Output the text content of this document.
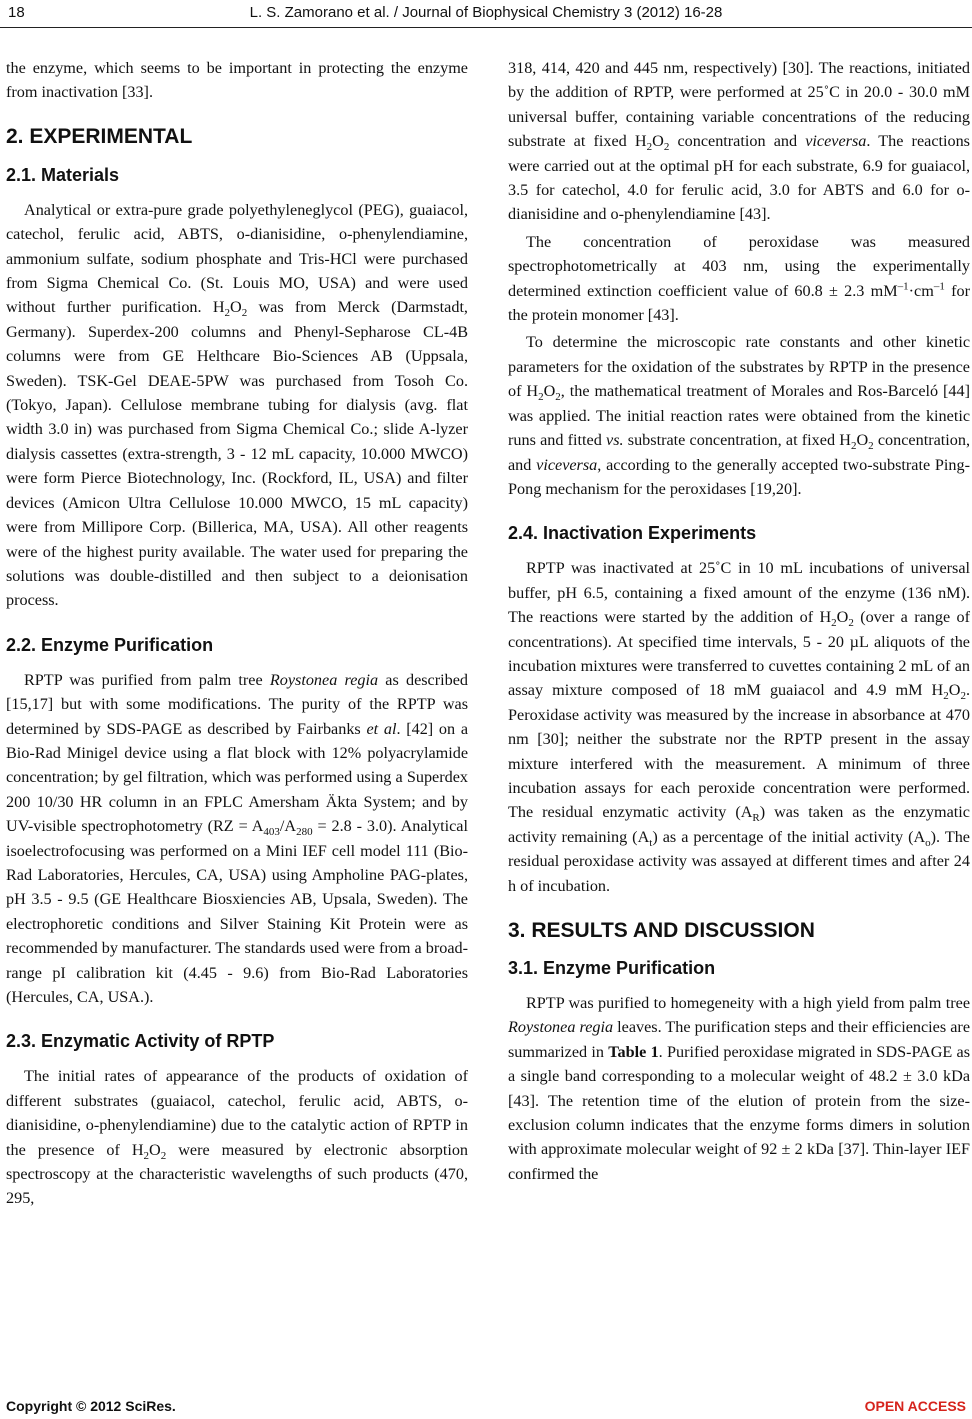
18	L. S. Zamorano et al. / Journal of Biophysical Chemistry 3 (2012) 16-28

the enzyme, which seems to be important in protecting the enzyme from inactivation [33].

2. EXPERIMENTAL
2.1. Materials

Analytical or extra-pure grade polyethyleneglycol (PEG), guaiacol, catechol, ferulic acid, ABTS, o-dianisidine, o-phenylendiamine, ammonium sulfate, sodium phosphate and Tris-HCl were purchased from Sigma Chemical Co. (St. Louis MO, USA) and were used without further purification. $H_2O_2$ was from Merck (Darmstadt, Germany). Superdex-200 columns and Phenyl-Sepharose CL-4B columns were from GE Helthcare Bio-Sciences AB (Uppsala, Sweden). TSK-Gel DEAE-5PW was purchased from Tosoh Co. (Tokyo, Japan). Cellulose membrane tubing for dialysis (avg. flat width 3.0 in) was purchased from Sigma Chemical Co.; slide A-lyzer dialysis cassettes (extra-strength, 3 - 12 mL capacity, 10.000 MWCO) were form Pierce Biotechnology, Inc. (Rockford, IL, USA) and filter devices (Amicon Ultra Cellulose 10.000 MWCO, 15 mL capacity) were from Millipore Corp. (Billerica, MA, USA). All other reagents were of the highest purity available. The water used for preparing the solutions was double-distilled and then subject to a deionisation process.

2.2. Enzyme Purification

RPTP was purified from palm tree Roystonea regia as described [15,17] but with some modifications. The purity of the RPTP was determined by SDS-PAGE as described by Fairbanks et al. [42] on a Bio-Rad Minigel device using a flat block with 12% polyacrylamide concentration; by gel filtration, which was performed using a Superdex 200 10/30 HR column in an FPLC Amersham Äkta System; and by UV-visible spectrophotometry $(RZ = A_{403}/A_{280} = 2.8 - 3.0)$. Analytical isoelectrofocusing was performed on a Mini IEF cell model 111 (Bio-Rad Laboratories, Hercules, CA, USA) using Ampholine PAG-plates, pH 3.5 - 9.5 (GE Healthcare Biosxiencies AB, Upsala, Sweden). The electrophoretic conditions and Silver Staining Kit Protein were as recommended by manufacturer. The standards used were from a broad-range pI calibration kit (4.45 - 9.6) from Bio-Rad Laboratories (Hercules, CA, USA.).

2.3. Enzymatic Activity of RPTP

The initial rates of appearance of the products of oxidation of different substrates (guaiacol, catechol, ferulic acid, ABTS, o-dianisidine, o-phenylendiamine) due to the catalytic action of RPTP in the presence of $H_2O_2$ were measured by electronic absorption spectroscopy at the characteristic wavelengths of such products (470, 295,

318, 414, 420 and 445 nm, respectively) [30]. The reactions, initiated by the addition of RPTP, were performed at 25˚C in 20.0 - 30.0 mM universal buffer, containing variable concentrations of the reducing substrate at fixed $H_2O_2$ concentration and viceversa. The reactions were carried out at the optimal pH for each substrate, 6.9 for guaiacol, 3.5 for catechol, 4.0 for ferulic acid, 3.0 for ABTS and 6.0 for o-dianisidine and o-phenylendiamine [43].

The concentration of peroxidase was measured spectrophotometrically at 403 nm, using the experimentally determined extinction coefficient value of 60.8 ± 2.3 $mM^{-1}\cdot cm^{-1}$ for the protein monomer [43].

To determine the microscopic rate constants and other kinetic parameters for the oxidation of the substrates by RPTP in the presence of $H_2O_2$, the mathematical treatment of Morales and Ros-Barceló [44] was applied. The initial reaction rates were obtained from the kinetic runs and fitted vs. substrate concentration, at fixed $H_2O_2$ concentration, and viceversa, according to the generally accepted two-substrate Ping-Pong mechanism for the peroxidases [19,20].

2.4. Inactivation Experiments

RPTP was inactivated at 25˚C in 10 mL incubations of universal buffer, pH 6.5, containing a fixed amount of the enzyme (136 nM). The reactions were started by the addition of $H_2O_2$ (over a range of concentrations). At specified time intervals, 5 - 20 µL aliquots of the incubation mixtures were transferred to cuvettes containing 2 mL of an assay mixture composed of 18 mM guaiacol and 4.9 mM $H_2O_2$. Peroxidase activity was measured by the increase in absorbance at 470 nm [30]; neither the substrate nor the RPTP present in the assay mixture interfered with the measurement. A minimum of three incubation assays for each peroxide concentration were performed. The residual enzymatic activity $(A_R)$ was taken as the enzymatic activity remaining $(A_t)$ as a percentage of the initial activity $(A_o)$. The residual peroxidase activity was assayed at different times and after 24 h of incubation.

3. RESULTS AND DISCUSSION
3.1. Enzyme Purification

RPTP was purified to homegeneity with a high yield from palm tree Roystonea regia leaves. The purification steps and their efficiencies are summarized in Table 1. Purified peroxidase migrated in SDS-PAGE as a single band corresponding to a molecular weight of 48.2 ± 3.0 kDa [43]. The retention time of the elution of protein from the size-exclusion column indicates that the enzyme forms dimers in solution with approximate molecular weight of 92 ± 2 kDa [37]. Thin-layer IEF confirmed the

Copyright © 2012 SciRes.	OPEN ACCESS
